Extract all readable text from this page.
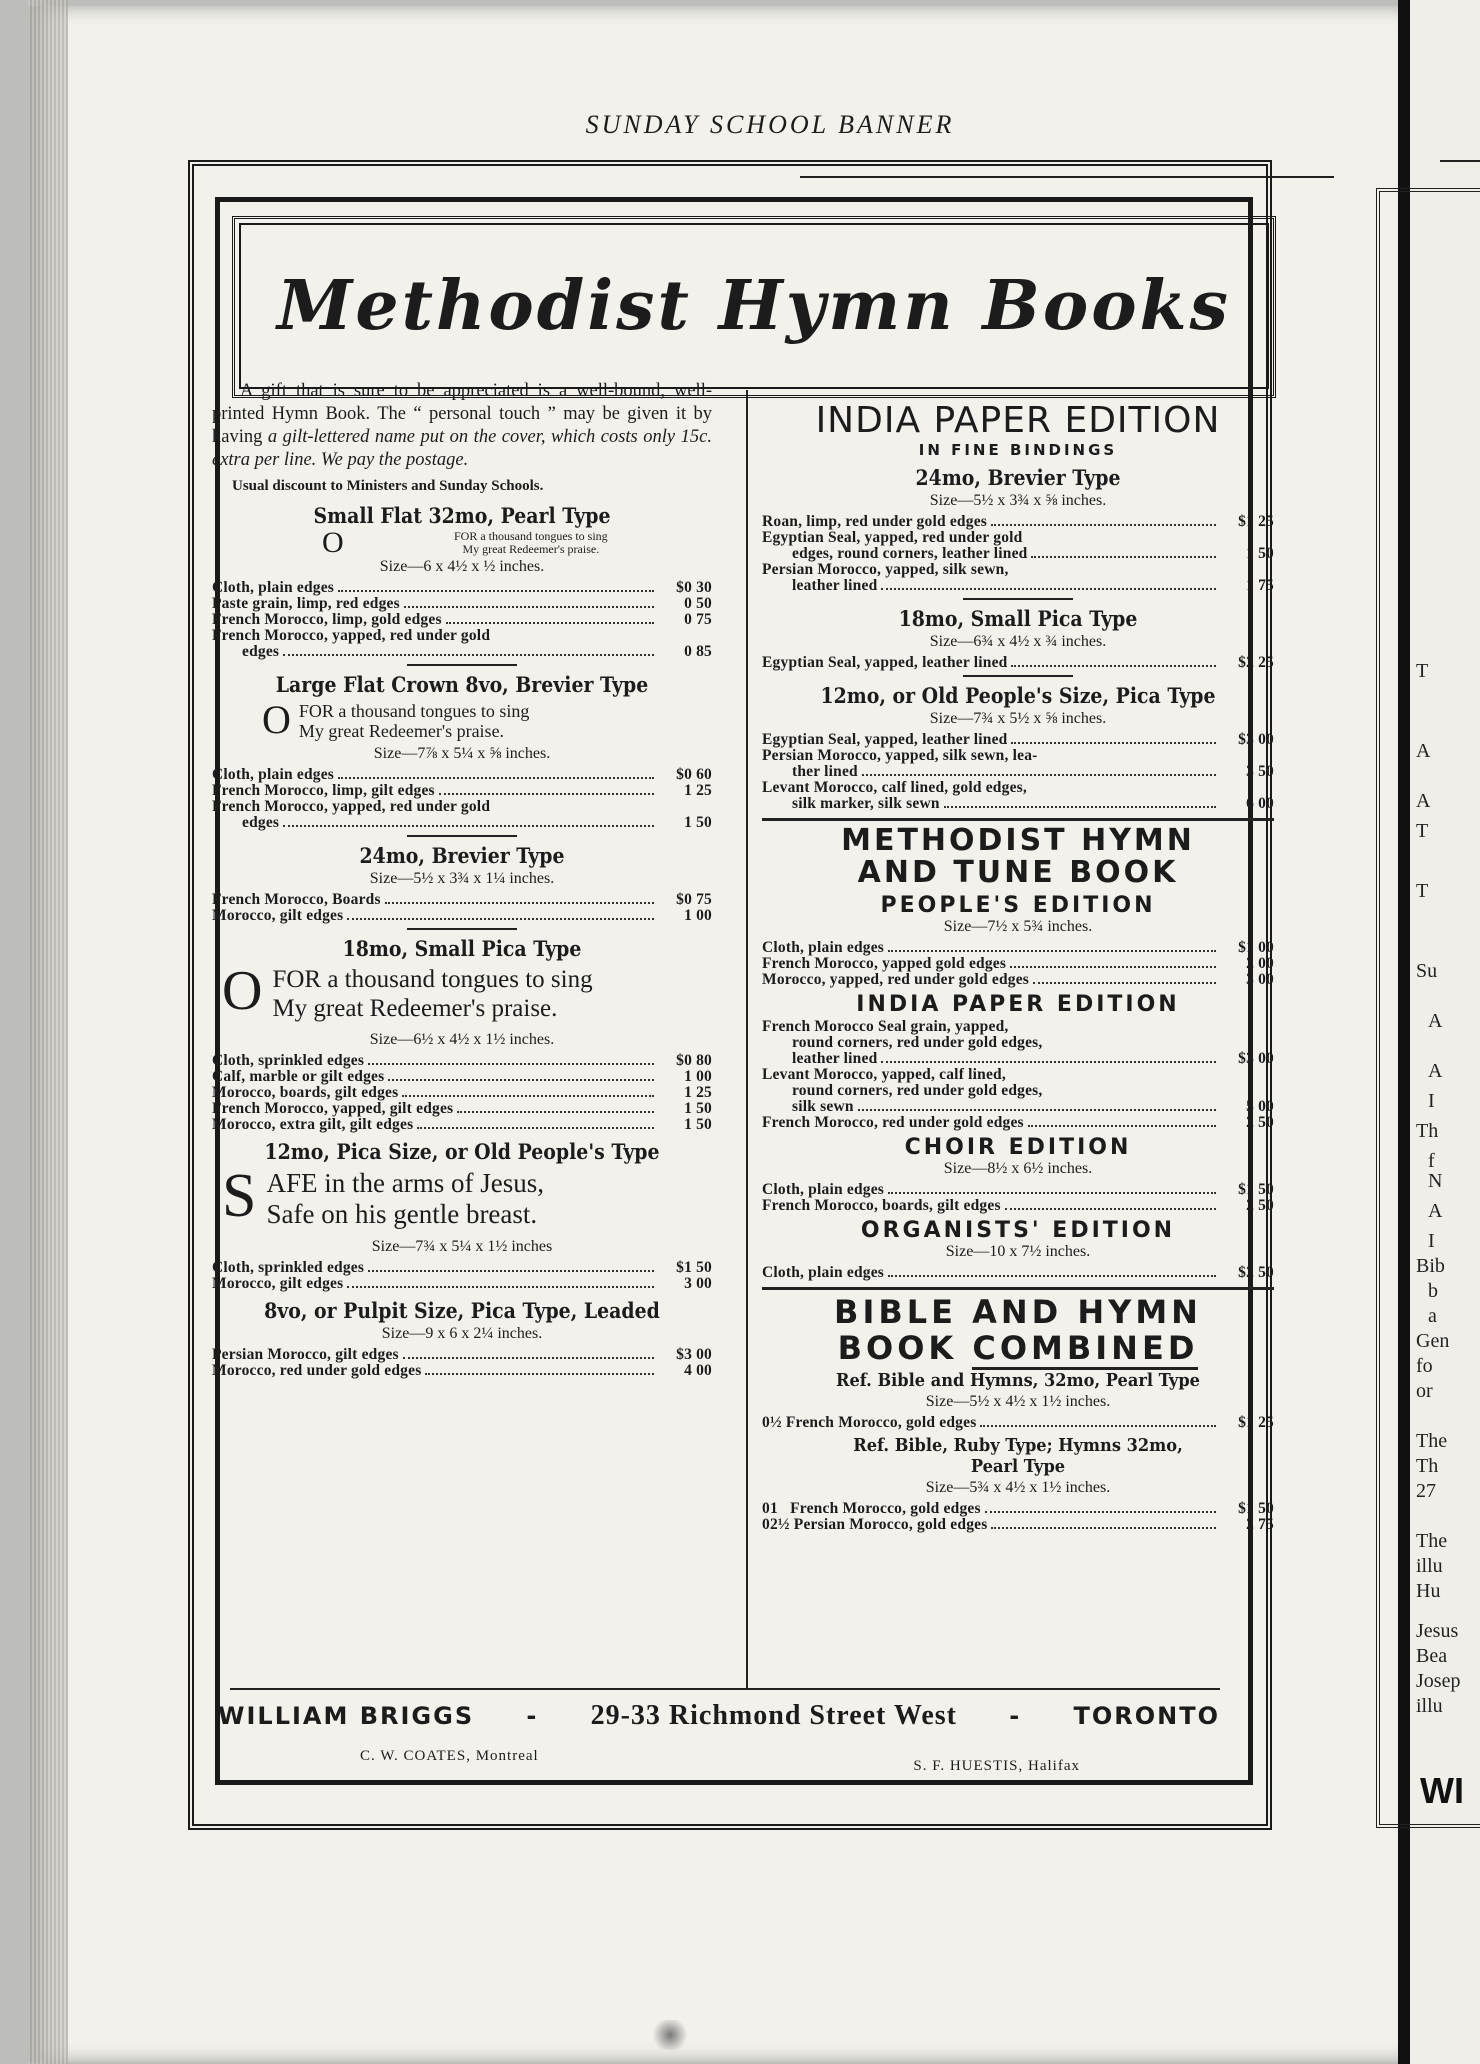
T
A
A
T
T
Su
A
A
I
Th
f
N
A
I
Bib
b
a
Gen
fo
or
The
Th
27
The
illu
Hu
Jesus
Bea
Josep
illu
WI
SUNDAY SCHOOL BANNER
Methodist Hymn Books

A gift that is sure to be appreciated is a well-bound, well-printed Hymn Book. The “ personal touch ” may be given it by having a gilt-lettered name put on the cover, which costs only 15c. extra per line. We pay the postage.

Usual discount to Ministers and Sunday Schools.
Small Flat 32mo, Pearl Type
O	FOR a thousand tongues to sing
My great Redeemer's praise.
Size—6 x 4½ x ½ inches.
Cloth, plain edges	$0 30
Paste grain, limp, red edges	0 50
French Morocco, limp, gold edges	0 75
French Morocco, yapped, red under gold
edges	0 85
Large Flat Crown 8vo, Brevier Type
O FOR a thousand tongues to sing
My great Redeemer's praise.
Size—7⅞ x 5¼ x ⅝ inches.
Cloth, plain edges	$0 60
French Morocco, limp, gilt edges	1 25
French Morocco, yapped, red under gold
edges	1 50
24mo, Brevier Type
Size—5½ x 3¾ x 1¼ inches.
French Morocco, Boards	$0 75
Morocco, gilt edges	1 00
18mo, Small Pica Type
O FOR a thousand tongues to sing
My great Redeemer's praise.
Size—6½ x 4½ x 1½ inches.
Cloth, sprinkled edges	$0 80
Calf, marble or gilt edges	1 00
Morocco, boards, gilt edges	1 25
French Morocco, yapped, gilt edges	1 50
Morocco, extra gilt, gilt edges	1 50
12mo, Pica Size, or Old People's Type
S AFE in the arms of Jesus,
Safe on his gentle breast.
Size—7¾ x 5¼ x 1½ inches
Cloth, sprinkled edges	$1 50
Morocco, gilt edges	3 00
8vo, or Pulpit Size, Pica Type, Leaded
Size—9 x 6 x 2¼ inches.
Persian Morocco, gilt edges	$3 00
Morocco, red under gold edges	4 00
INDIA PAPER EDITION
IN FINE BINDINGS
24mo, Brevier Type
Size—5½ x 3¾ x ⅝ inches.
Roan, limp, red under gold edges	$1 25
Egyptian Seal, yapped, red under gold
edges, round corners, leather lined	1 50
Persian Morocco, yapped, silk sewn,
leather lined	1 75
18mo, Small Pica Type
Size—6¾ x 4½ x ¾ inches.
Egyptian Seal, yapped, leather lined	$2 25
12mo, or Old People's Size, Pica Type
Size—7¾ x 5½ x ⅝ inches.
Egyptian Seal, yapped, leather lined	$3 00
Persian Morocco, yapped, silk sewn, lea-
ther lined	3 50
Levant Morocco, calf lined, gold edges,
silk marker, silk sewn	6 00
METHODIST HYMN
AND TUNE BOOK
PEOPLE'S EDITION
Size—7½ x 5¾ inches.
Cloth, plain edges	$1 00
French Morocco, yapped gold edges	2 00
Morocco, yapped, red under gold edges	3 00
INDIA PAPER EDITION
French Morocco Seal grain, yapped,
round corners, red under gold edges,
leather lined	$3 00
Levant Morocco, yapped, calf lined,
round corners, red under gold edges,
silk sewn	5 00
French Morocco, red under gold edges	2 50
CHOIR EDITION
Size—8½ x 6½ inches.
Cloth, plain edges	$1 50
French Morocco, boards, gilt edges	2 50
ORGANISTS' EDITION
Size—10 x 7½ inches.
Cloth, plain edges	$2 50
BIBLE AND HYMN
BOOK COMBINED
Ref. Bible and Hymns, 32mo, Pearl Type
Size—5½ x 4½ x 1½ inches.
0½ French Morocco, gold edges	$1 25
Ref. Bible, Ruby Type; Hymns 32mo,
Pearl Type
Size—5¾ x 4½ x 1½ inches.
01   French Morocco, gold edges	$1 50
02½ Persian Morocco, gold edges	2 75
WILLIAM BRIGGS - 29-33 Richmond Street West - TORONTO
C. W. COATES, Montreal
S. F. HUESTIS, Halifax
